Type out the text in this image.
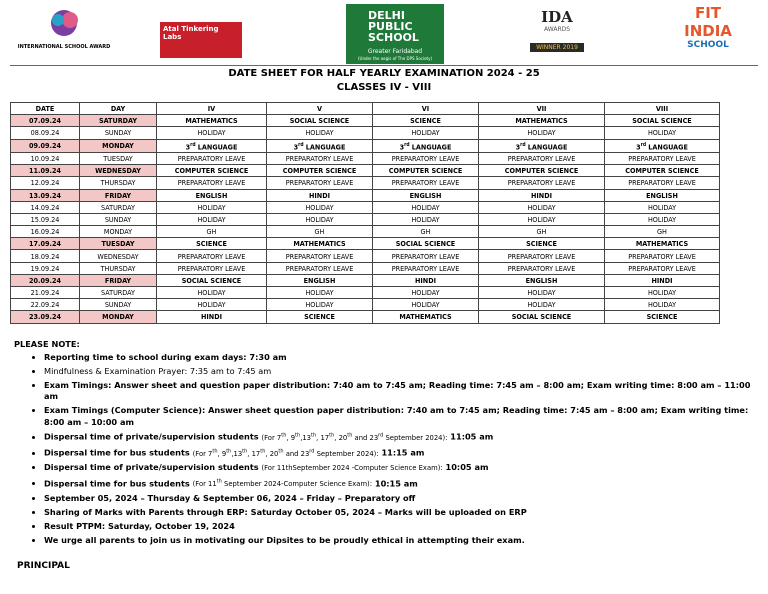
INTERNATIONAL SCHOOL AWARD
Atal Tinkering Labs
DELHI PUBLIC SCHOOL
Greater Faridabad
(Under the aegis of The DPS Society)
IDA
AWARDS
WINNER 2019
FIT INDIA
SCHOOL
DATE SHEET FOR HALF YEARLY EXAMINATION 2024 - 25
CLASSES IV - VIII
DATE	DAY	IV	V	VI	VII	VIII
07.09.24	SATURDAY	MATHEMATICS	SOCIAL SCIENCE	SCIENCE	MATHEMATICS	SOCIAL SCIENCE
08.09.24	SUNDAY	HOLIDAY	HOLIDAY	HOLIDAY	HOLIDAY	HOLIDAY
09.09.24	MONDAY	3rd LANGUAGE	3rd LANGUAGE	3rd LANGUAGE	3rd LANGUAGE	3rd LANGUAGE
10.09.24	TUESDAY	PREPARATORY LEAVE	PREPARATORY LEAVE	PREPARATORY LEAVE	PREPARATORY LEAVE	PREPARATORY LEAVE
11.09.24	WEDNESDAY	COMPUTER SCIENCE	COMPUTER SCIENCE	COMPUTER SCIENCE	COMPUTER SCIENCE	COMPUTER SCIENCE
12.09.24	THURSDAY	PREPARATORY LEAVE	PREPARATORY LEAVE	PREPARATORY LEAVE	PREPARATORY LEAVE	PREPARATORY LEAVE
13.09.24	FRIDAY	ENGLISH	HINDI	ENGLISH	HINDI	ENGLISH
14.09.24	SATURDAY	HOLIDAY	HOLIDAY	HOLIDAY	HOLIDAY	HOLIDAY
15.09.24	SUNDAY	HOLIDAY	HOLIDAY	HOLIDAY	HOLIDAY	HOLIDAY
16.09.24	MONDAY	GH	GH	GH	GH	GH
17.09.24	TUESDAY	SCIENCE	MATHEMATICS	SOCIAL SCIENCE	SCIENCE	MATHEMATICS
18.09.24	WEDNESDAY	PREPARATORY LEAVE	PREPARATORY LEAVE	PREPARATORY LEAVE	PREPARATORY LEAVE	PREPARATORY LEAVE
19.09.24	THURSDAY	PREPARATORY LEAVE	PREPARATORY LEAVE	PREPARATORY LEAVE	PREPARATORY LEAVE	PREPARATORY LEAVE
20.09.24	FRIDAY	SOCIAL SCIENCE	ENGLISH	HINDI	ENGLISH	HINDI
21.09.24	SATURDAY	HOLIDAY	HOLIDAY	HOLIDAY	HOLIDAY	HOLIDAY
22.09.24	SUNDAY	HOLIDAY	HOLIDAY	HOLIDAY	HOLIDAY	HOLIDAY
23.09.24	MONDAY	HINDI	SCIENCE	MATHEMATICS	SOCIAL SCIENCE	SCIENCE
PLEASE NOTE:
• Reporting time to school during exam days: 7:30 am
• Mindfulness & Examination Prayer: 7:35 am to 7:45 am
• Exam Timings: Answer sheet and question paper distribution: 7:40 am to 7:45 am; Reading time: 7:45 am – 8:00 am; Exam writing time: 8:00 am – 11:00 am
• Exam Timings (Computer Science): Answer sheet question paper distribution: 7:40 am to 7:45 am; Reading time: 7:45 am – 8:00 am; Exam writing time: 8:00 am – 10:00 am
• Dispersal time of private/supervision students (For 7th, 9th,13th, 17th, 20th and 23rd September 2024): 11:05 am
• Dispersal time for bus students (For 7th, 9th,13th, 17th, 20th and 23rd September 2024): 11:15 am
• Dispersal time of private/supervision students (For 11thSeptember 2024 -Computer Science Exam): 10:05 am
• Dispersal time for bus students (For 11th September 2024-Computer Science Exam): 10:15 am
• September 05, 2024 – Thursday & September 06, 2024 – Friday – Preparatory off
• Sharing of Marks with Parents through ERP: Saturday October 05, 2024 – Marks will be uploaded on ERP
• Result PTPM: Saturday, October 19, 2024
• We urge all parents to join us in motivating our Dipsites to be proudly ethical in attempting their exam.
PRINCIPAL
